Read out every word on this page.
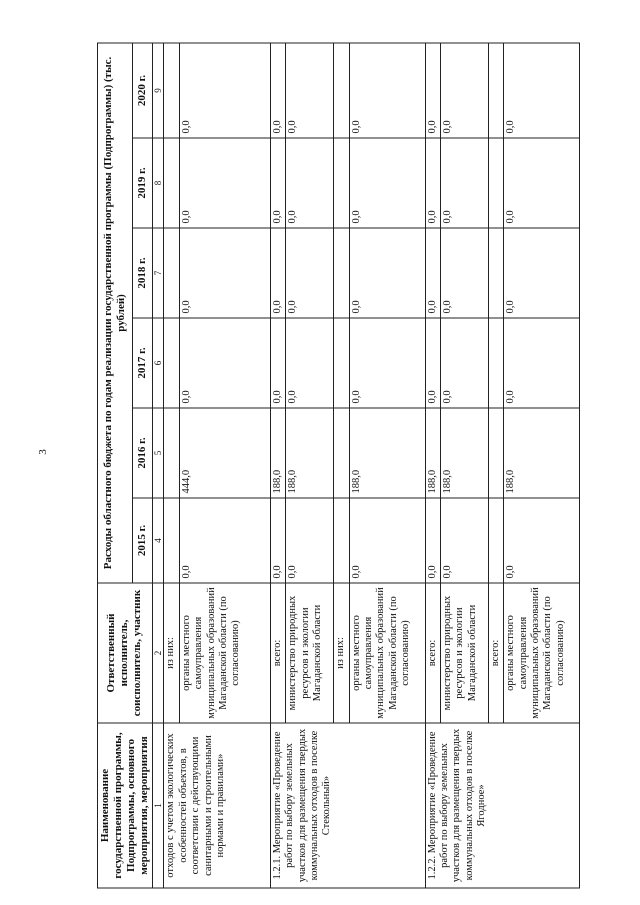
3
Наименование государственной программы, Подпрограммы, основного мероприятия, мероприятия	Ответственный исполнитель, соисполнитель, участник	Расходы областного бюджета по годам реализации государственной программы (Подпрограммы) (тыс. рублей)					
		2015 г.	2016 г.	2017 г.	2018 г.	2019 г.	2020 г.
1	2	4	5	6	7	8	9
отходов с учетом экологических особенностей объектов, в соответствии с действующими санитарными и строительными нормами и правилами»	из них:						
	органы местного самоуправления муниципальных образований Магаданской области (по согласованию)	0,0	444,0	0,0	0,0	0,0	0,0
1.2.1. Мероприятие «Проведение работ по выбору земельных участков для размещения твердых коммунальных отходов в поселке Стекольный»	всего:	0,0	188,0	0,0	0,0	0,0	0,0
	министерство природных ресурсов и экологии Магаданской области	0,0	188,0	0,0	0,0	0,0	0,0
	из них:						
	органы местного самоуправления муниципальных образований Магаданской области (по согласованию)	0,0	188,0	0,0	0,0	0,0	0,0
1.2.2. Мероприятие «Проведение работ по выбору земельных участков для размещения твердых коммунальных отходов в поселке Ягодное»	всего:	0,0	188,0	0,0	0,0	0,0	0,0
	министерство природных ресурсов и экологии Магаданской области	0,0	188,0	0,0	0,0	0,0	0,0
	всего:						
	органы местного самоуправления муниципальных образований Магаданской области (по согласованию)	0,0	188,0	0,0	0,0	0,0	0,0
